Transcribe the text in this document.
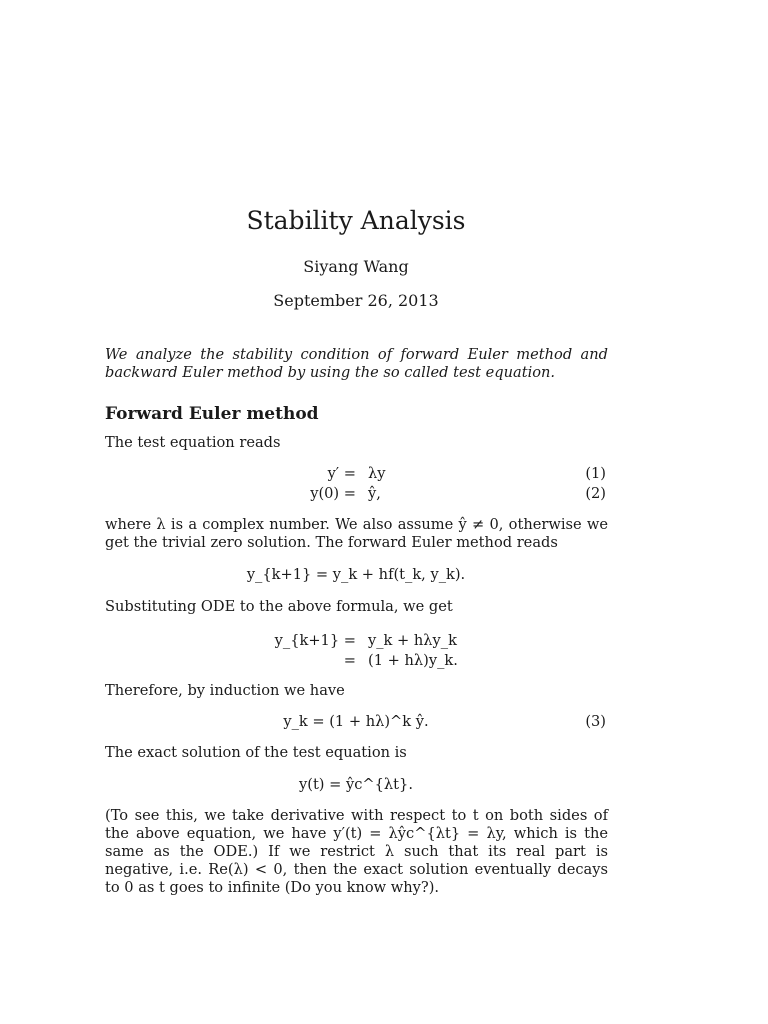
Stability Analysis
Siyang Wang
September 26, 2013
We analyze the stability condition of forward Euler method and backward Euler method by using the so called test equation.
Forward Euler method
The test equation reads
y′ = λy	(1)
y(0) = ŷ,	(2)
where λ is a complex number. We also assume ŷ ≠ 0, otherwise we get the trivial zero solution. The forward Euler method reads
y_{k+1} = y_k + hf(t_k, y_k).
Substituting ODE to the above formula, we get
y_{k+1} = y_k + hλy_k
= (1 + hλ)y_k.
Therefore, by induction we have
y_k = (1 + hλ)^k ŷ.	(3)
The exact solution of the test equation is
y(t) = ŷc^{λt}.
(To see this, we take derivative with respect to t on both sides of the above equation, we have y′(t) = λŷc^{λt} = λy, which is the same as the ODE.) If we restrict λ such that its real part is negative, i.e. Re(λ) < 0, then the exact solution eventually decays to 0 as t goes to infinite (Do you know why?).
